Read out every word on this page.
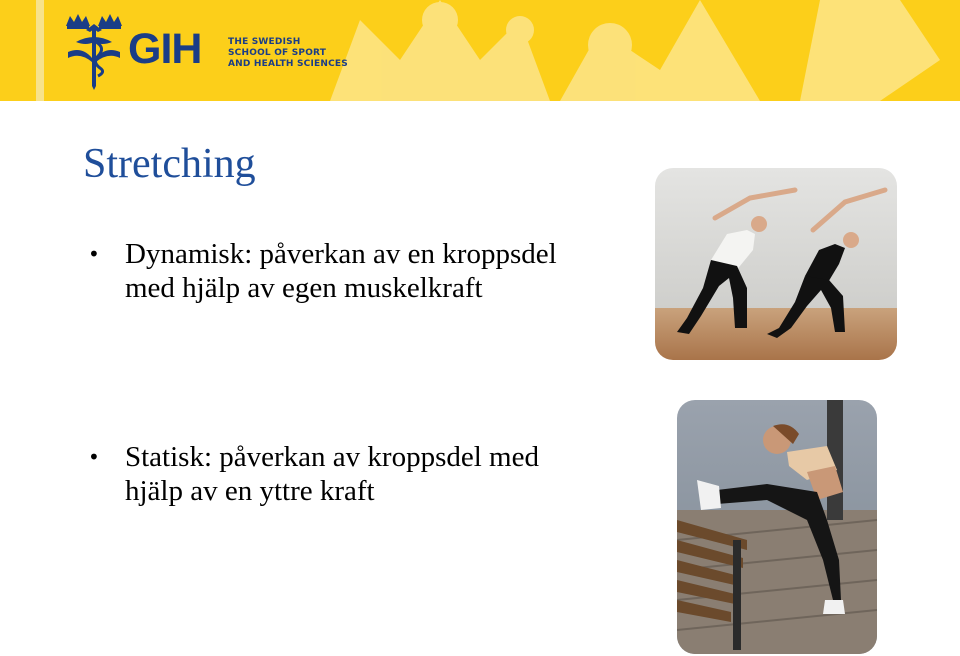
GIH	THE SWEDISH
SCHOOL OF SPORT
AND HEALTH SCIENCES
Stretching
• Dynamisk: påverkan av en kroppsdel
med hjälp av egen muskelkraft
• Statisk: påverkan av kroppsdel med
hjälp av en yttre kraft
